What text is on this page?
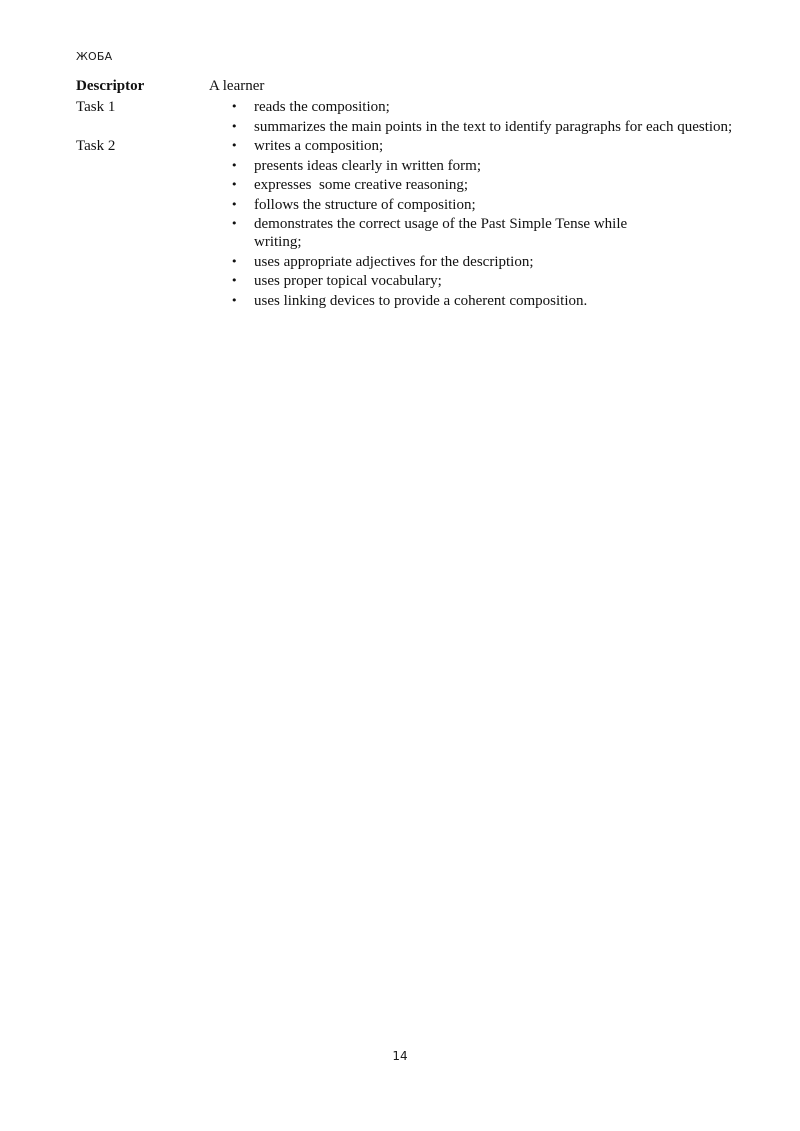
ЖОБА
Descriptor	A learner
Task 1	• reads the composition;
• summarizes the main points in the text to identify paragraphs for each question;
Task 2	• writes a composition;
• presents ideas clearly in written form;
• expresses  some creative reasoning;
• follows the structure of composition;
• demonstrates the correct usage of the Past Simple Tense while writing;
• uses appropriate adjectives for the description;
• uses proper topical vocabulary;
• uses linking devices to provide a coherent composition.
14
